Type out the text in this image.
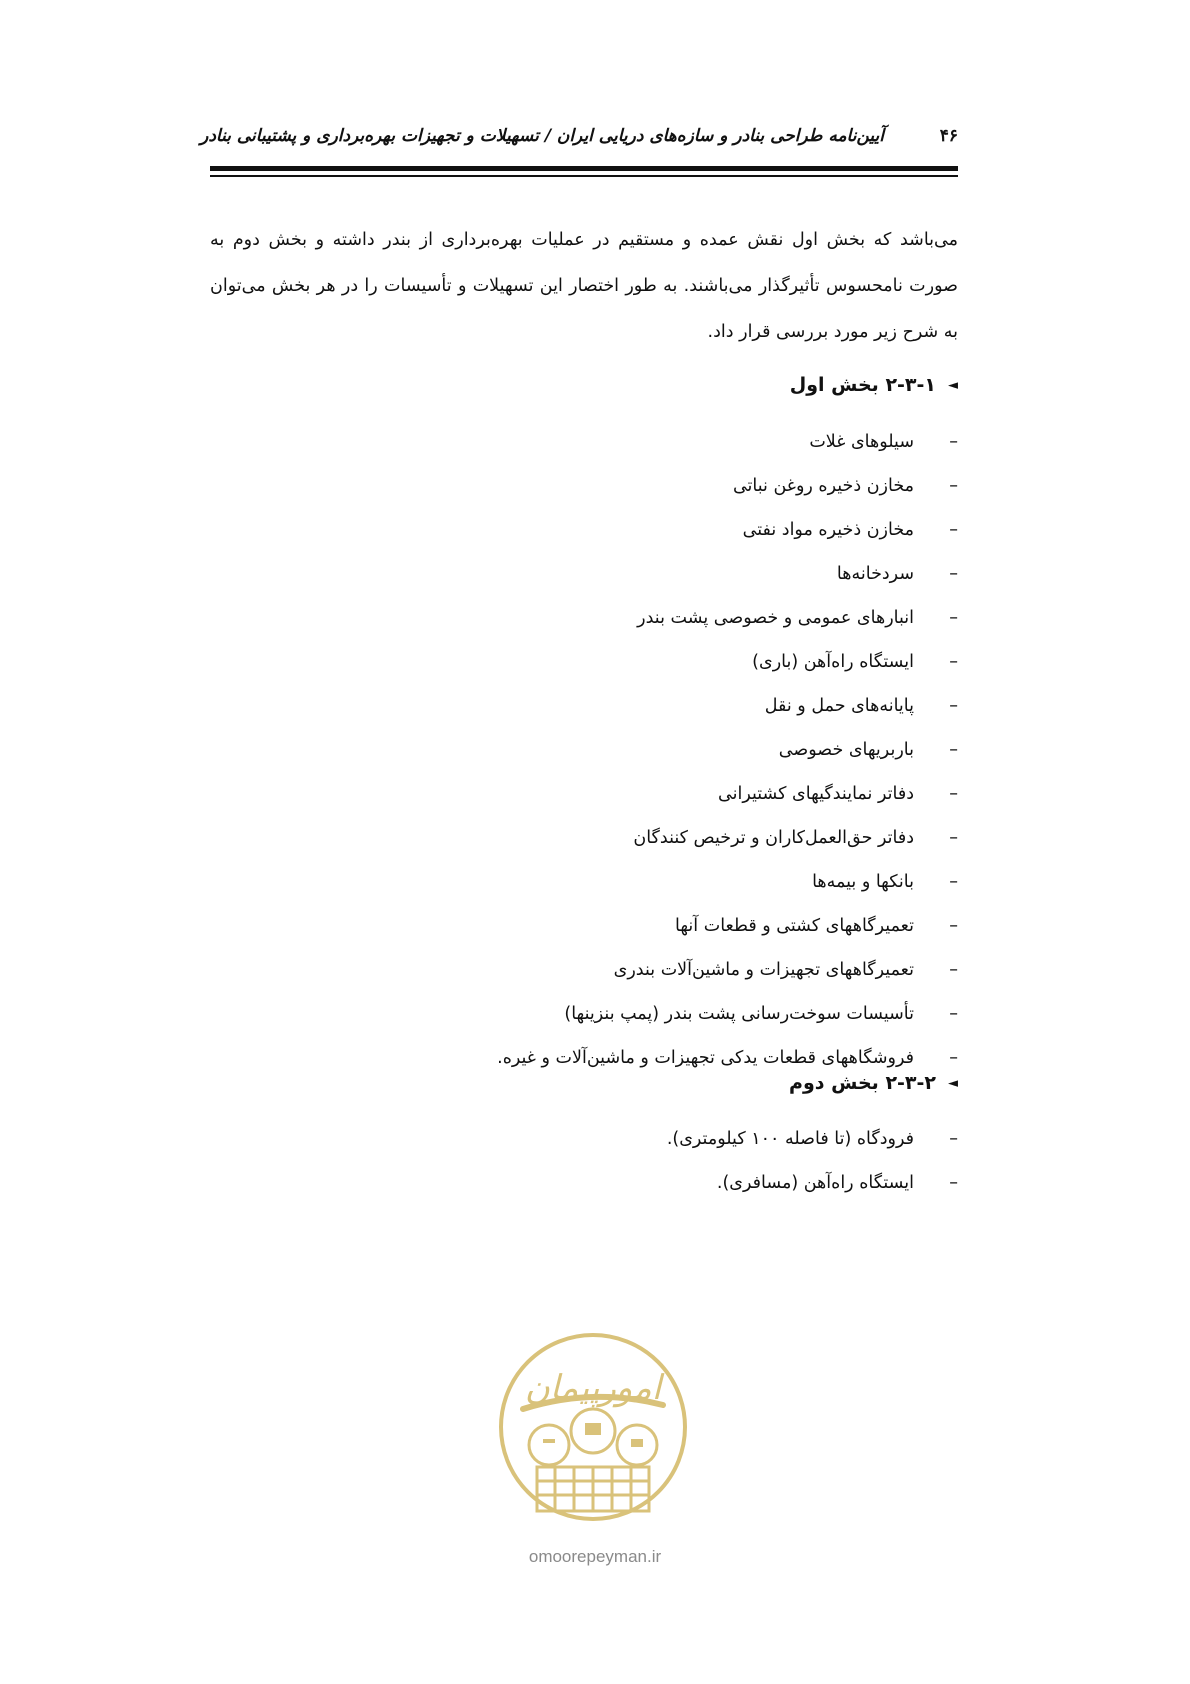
۴۶
آیین‌نامه طراحی بنادر و سازه‌های دریایی ایران / تسهیلات و تجهیزات بهره‌برداری و پشتیبانی بنادر
می‌باشد که بخش اول نقش عمده و مستقیم در عملیات بهره‌برداری از بندر داشته و بخش دوم به
صورت نامحسوس تأثیرگذار می‌باشند. به طور اختصار این تسهیلات و تأسیسات را در هر بخش می‌توان
به شرح زیر مورد بررسی قرار داد.
◄۲-۳-۱ بخش اول
–سیلوهای غلات
–مخازن ذخیره روغن نباتی
–مخازن ذخیره مواد نفتی
–سردخانه‌ها
–انبارهای عمومی و خصوصی پشت بندر
–ایستگاه راه‌آهن (باری)
–پایانه‌های حمل و نقل
–باربریهای خصوصی
–دفاتر نمایندگیهای کشتیرانی
–دفاتر حق‌العمل‌کاران و ترخیص کنندگان
–بانکها و بیمه‌ها
–تعمیرگاههای کشتی و قطعات آنها
–تعمیرگاههای تجهیزات و ماشین‌آلات بندری
–تأسیسات سوخت‌رسانی پشت بندر (پمپ بنزینها)
–فروشگاههای قطعات یدکی تجهیزات و ماشین‌آلات و غیره.
◄۲-۳-۲ بخش دوم
–فرودگاه (تا فاصله ۱۰۰ کیلومتری).
–ایستگاه راه‌آهن (مسافری).
امورپیمان
omoorepeyman.ir
